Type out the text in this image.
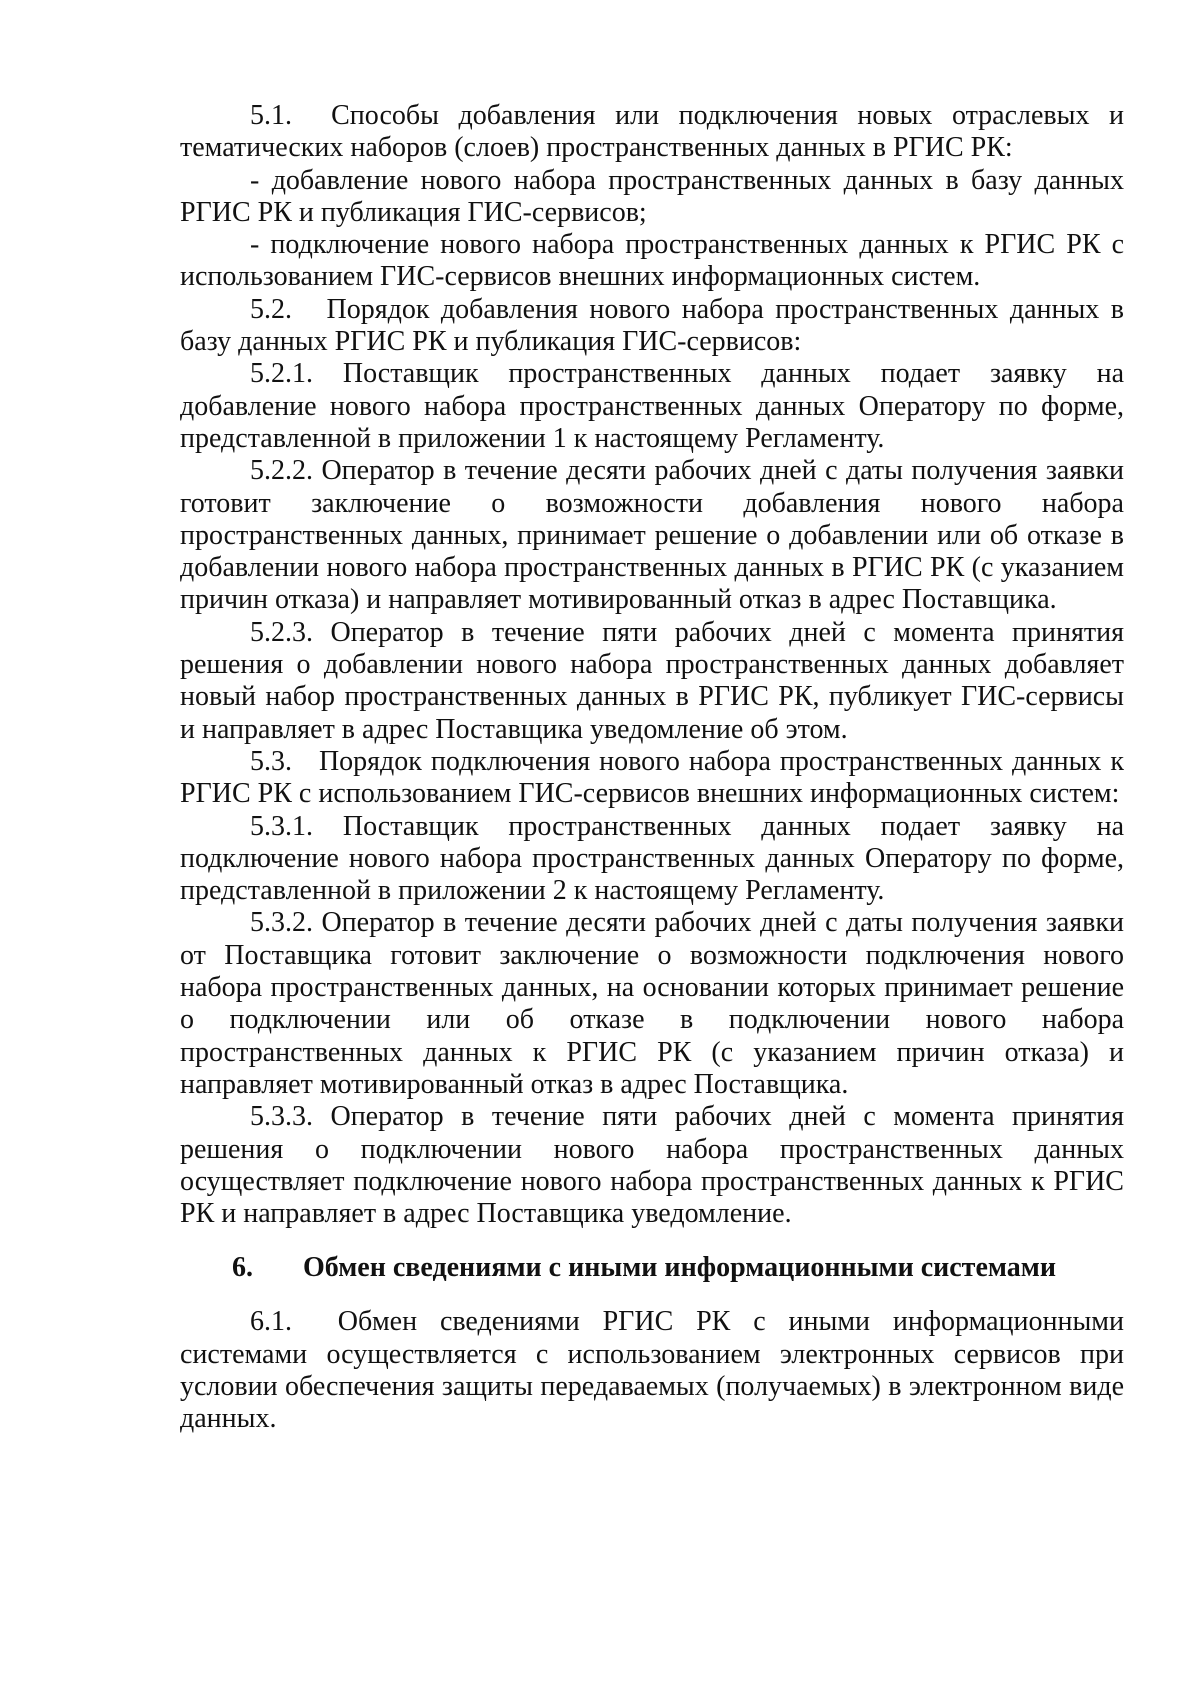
5.1.  Способы добавления или подключения новых отраслевых и тематических наборов (слоев) пространственных данных в РГИС РК:

- добавление нового набора пространственных данных в базу данных РГИС РК и публикация ГИС-сервисов;

- подключение нового набора пространственных данных к РГИС РК с использованием ГИС-сервисов внешних информационных систем.

5.2.   Порядок добавления нового набора пространственных данных в базу данных РГИС РК и публикация ГИС-сервисов:

5.2.1. Поставщик пространственных данных подает заявку на добавление нового набора пространственных данных Оператору по форме, представленной в приложении 1 к настоящему Регламенту.

5.2.2. Оператор в течение десяти рабочих дней с даты получения заявки готовит заключение о возможности добавления нового набора пространственных данных, принимает решение о добавлении или об отказе в добавлении нового набора пространственных данных в РГИС РК (с указанием причин отказа) и направляет мотивированный отказ в адрес Поставщика.

5.2.3. Оператор в течение пяти рабочих дней с момента принятия решения о добавлении нового набора пространственных данных добавляет новый набор пространственных данных в РГИС РК, публикует ГИС-сервисы и направляет в адрес Поставщика уведомление об этом.

5.3.   Порядок подключения нового набора пространственных данных к РГИС РК с использованием ГИС-сервисов внешних информационных систем:

5.3.1. Поставщик пространственных данных подает заявку на подключение нового набора пространственных данных Оператору по форме, представленной в приложении 2 к настоящему Регламенту.

5.3.2. Оператор в течение десяти рабочих дней с даты получения заявки от Поставщика готовит заключение о возможности подключения нового набора пространственных данных, на основании которых принимает решение о подключении или об отказе в подключении нового набора пространственных данных к РГИС РК (с указанием причин отказа) и направляет мотивированный отказ в адрес Поставщика.

5.3.3. Оператор в течение пяти рабочих дней с момента принятия решения о подключении нового набора пространственных данных осуществляет подключение нового набора пространственных данных к РГИС РК и направляет в адрес Поставщика уведомление.

6. Обмен сведениями с иными информационными системами

6.1.  Обмен сведениями РГИС РК с иными информационными системами осуществляется с использованием электронных сервисов при условии обеспечения защиты передаваемых (получаемых) в электронном виде данных.
